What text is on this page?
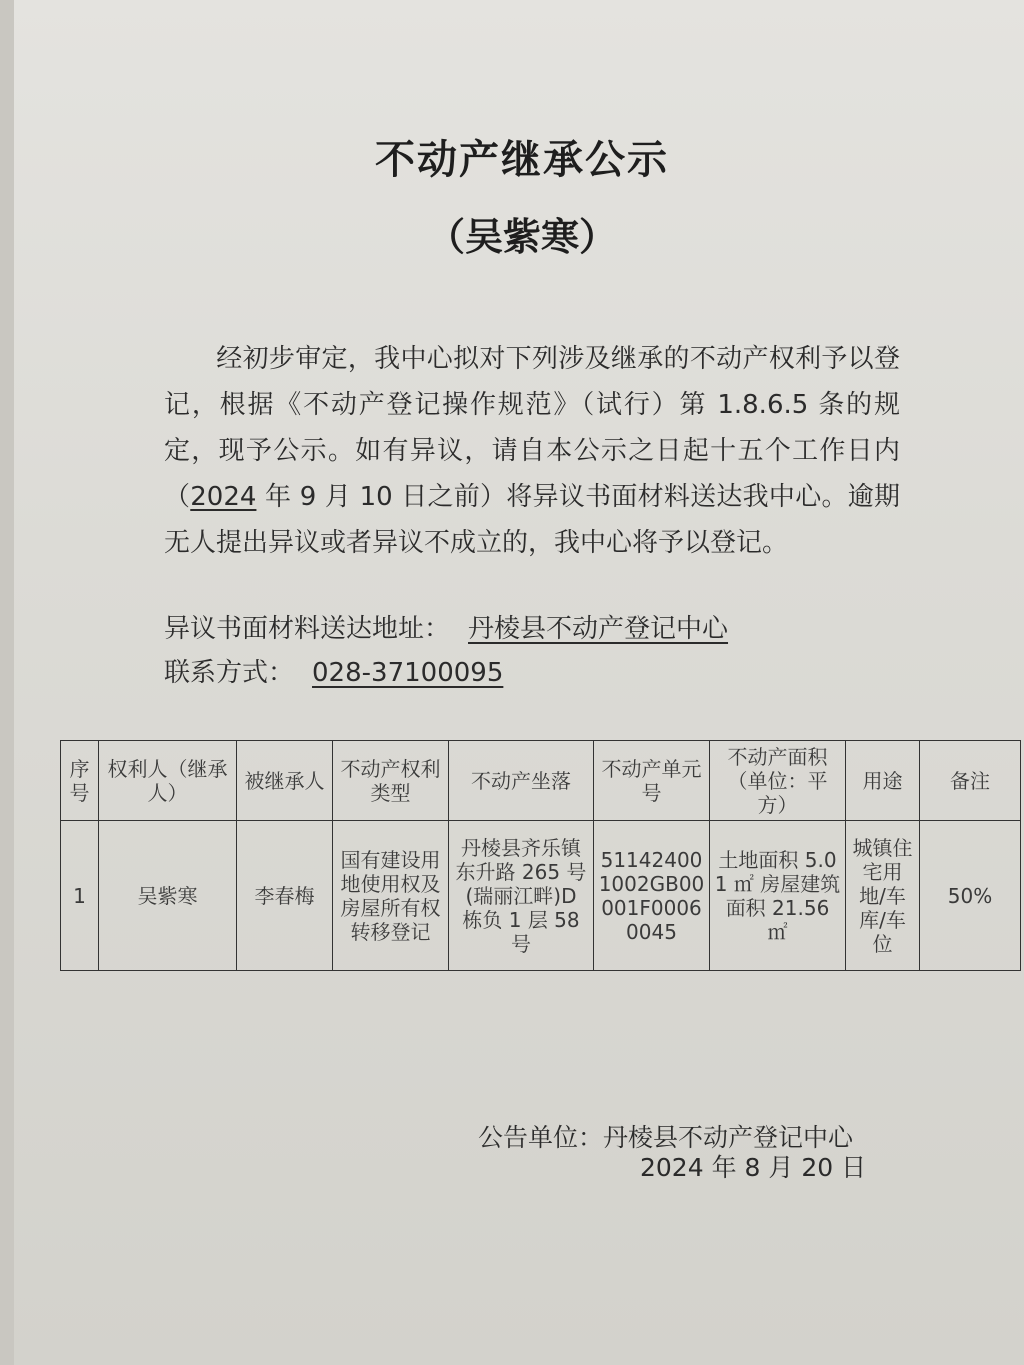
不动产继承公示
（吴紫寒）
经初步审定，我中心拟对下列涉及继承的不动产权利予以登记，根据《不动产登记操作规范》（试行）第 1.8.6.5 条的规定，现予公示。如有异议，请自本公示之日起十五个工作日内（2024 年 9 月 10 日之前）将异议书面材料送达我中心。逾期无人提出异议或者异议不成立的，我中心将予以登记。
异议书面材料送达地址： 丹棱县不动产登记中心
联系方式： 028-37100095
序号	权利人（继承人）	被继承人	不动产权利类型	不动产坐落	不动产单元号	不动产面积（单位：平方）	用途	备注
1	吴紫寒	李春梅	国有建设用地使用权及房屋所有权转移登记	丹棱县齐乐镇东升路 265 号(瑞丽江畔)D 栋负 1 层 58 号	511424001002GB00001F00060045	土地面积 5.01 ㎡ 房屋建筑面积 21.56 ㎡	城镇住宅用地/车库/车位	50%
公告单位：丹棱县不动产登记中心
2024 年 8 月 20 日
